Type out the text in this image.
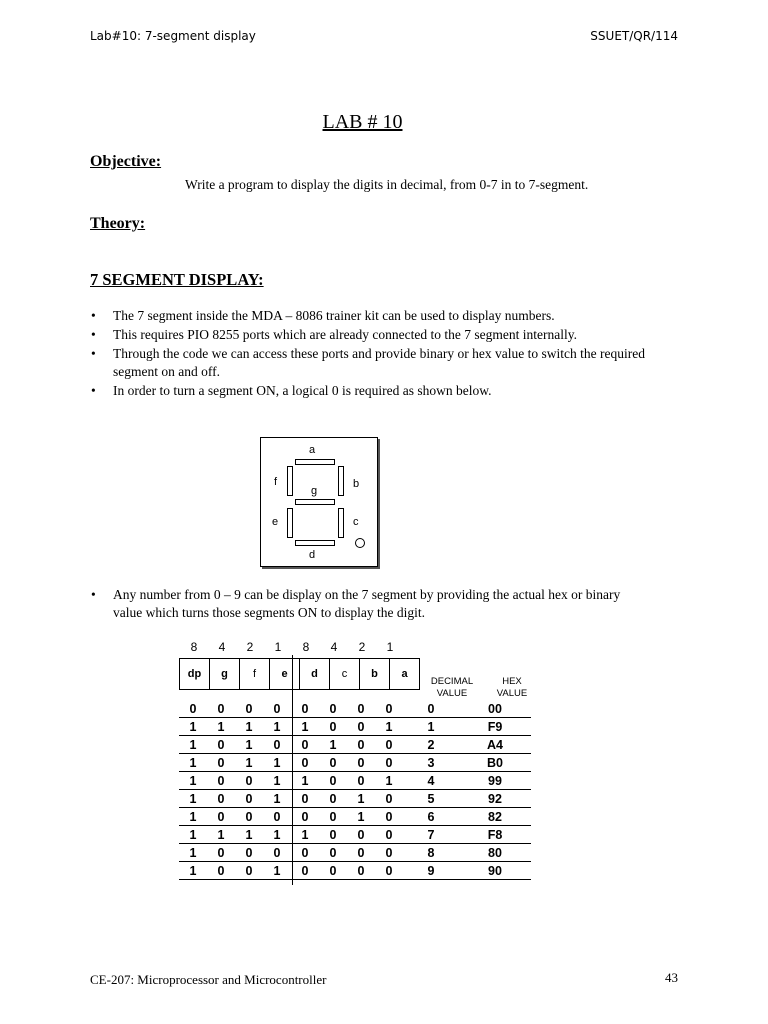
Lab#10: 7-segment display	SSUET/QR/114
LAB # 10
Objective:
Write a program to display the digits in decimal, from 0-7 in to 7-segment.
Theory:
7 SEGMENT DISPLAY:
• The 7 segment inside the MDA – 8086 trainer kit can be used to display numbers.
• This requires PIO 8255 ports which are already connected to the 7 segment internally.
• Through the code we can access these ports and provide binary or hex value to switch the required segment on and off.
• In order to turn a segment ON, a logical 0 is required as shown below.
a
f	b
g
e	c
d
• Any number from 0 – 9 can be display on the 7 segment by providing the actual hex or binary value which turns those segments ON to display the digit.
8	4	2	1	8	4	2	1
DECIMAL VALUE
HEX VALUE
dp	g	f	e	d	c	b	a
0	0	0	0	0	0	0	0	0	00
1	1	1	1	1	0	0	1	1	F9
1	0	1	0	0	1	0	0	2	A4
1	0	1	1	0	0	0	0	3	B0
1	0	0	1	1	0	0	1	4	99
1	0	0	1	0	0	1	0	5	92
1	0	0	0	0	0	1	0	6	82
1	1	1	1	1	0	0	0	7	F8
1	0	0	0	0	0	0	0	8	80
1	0	0	1	0	0	0	0	9	90
CE-207: Microprocessor and Microcontroller	43
